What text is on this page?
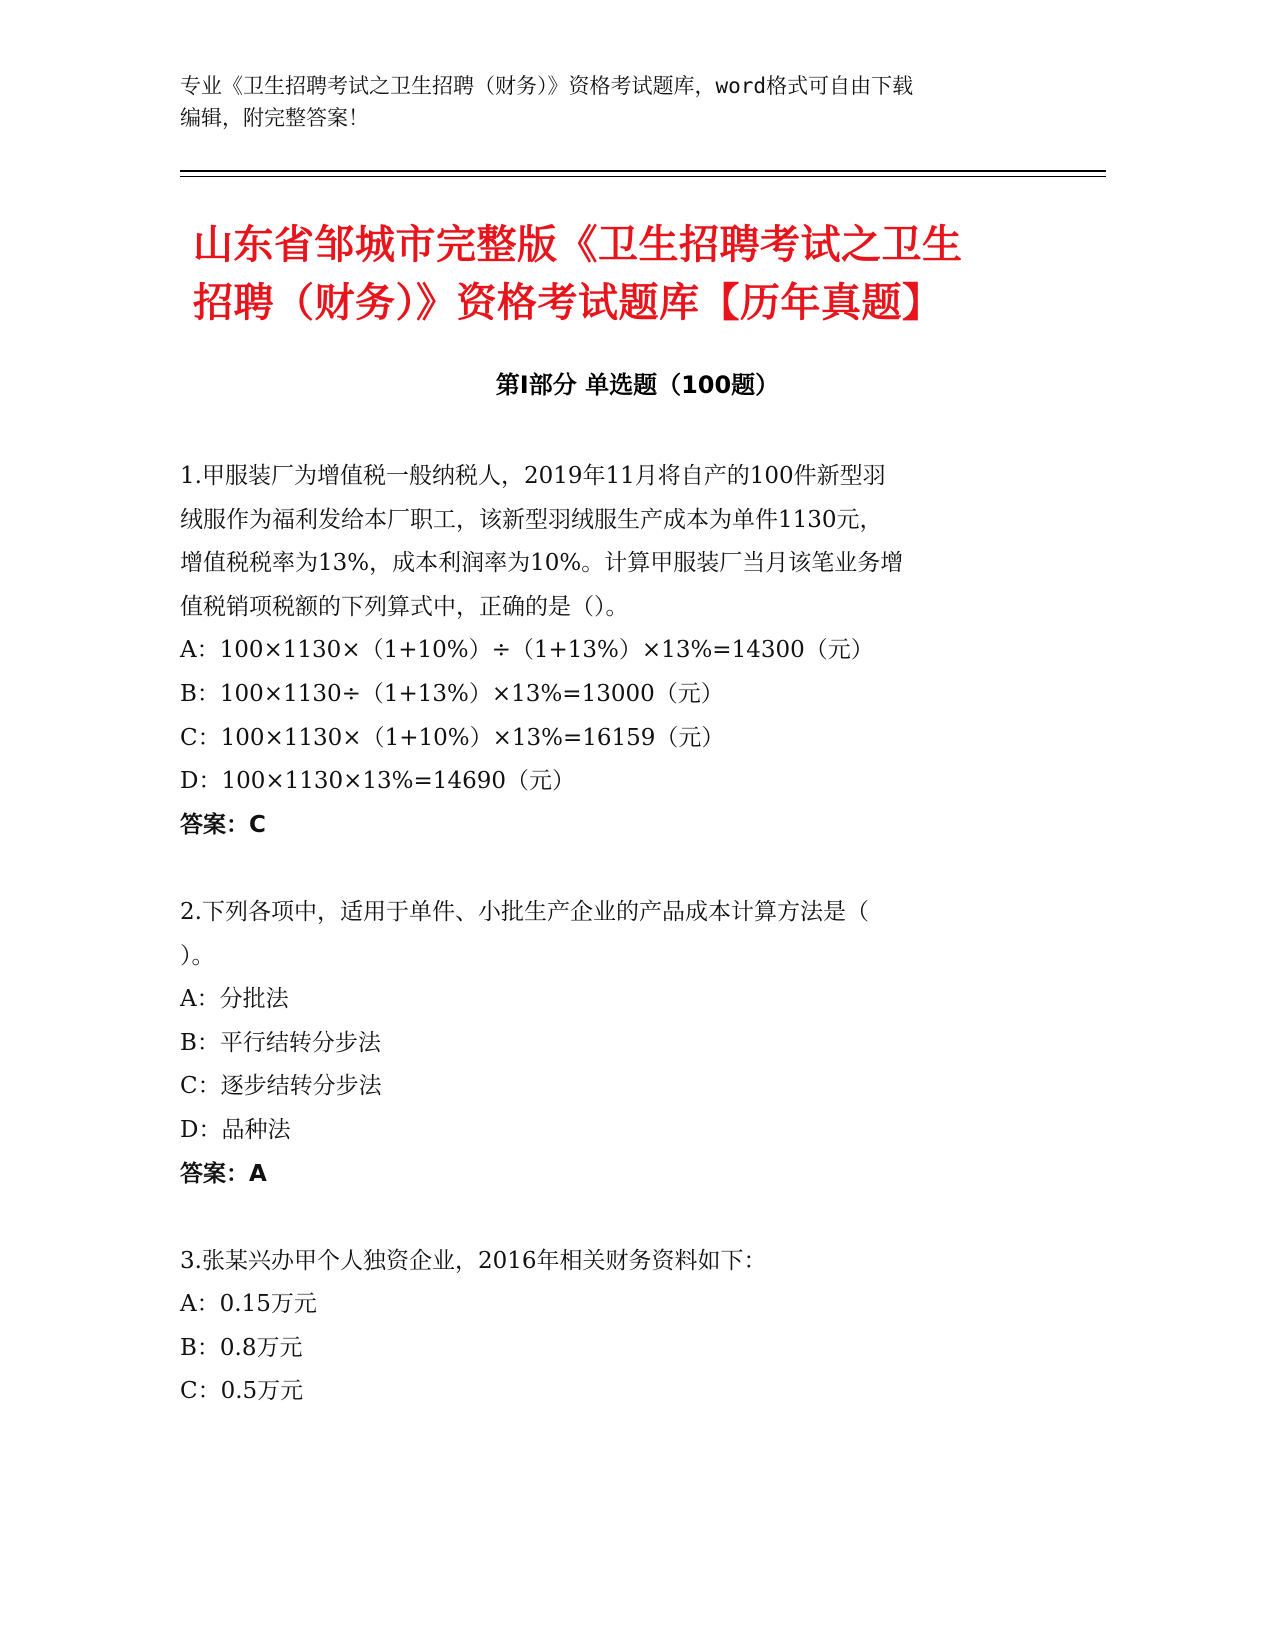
专业《卫生招聘考试之卫生招聘（财务）》资格考试题库，word格式可自由下载
编辑，附完整答案！
山东省邹城市完整版《卫生招聘考试之卫生
招聘（财务）》资格考试题库【历年真题】
第Ⅰ部分 单选题（100题）
1.甲服装厂为增值税一般纳税人，2019年11月将自产的100件新型羽
绒服作为福利发给本厂职工，该新型羽绒服生产成本为单件1130元，
增值税税率为13%，成本利润率为10%。计算甲服装厂当月该笔业务增
值税销项税额的下列算式中，正确的是（）。
A：100×1130×（1+10%）÷（1+13%）×13%=14300（元）
B：100×1130÷（1+13%）×13%=13000（元）
C：100×1130×（1+10%）×13%=16159（元）
D：100×1130×13%=14690（元）
答案：C
2.下列各项中，适用于单件、小批生产企业的产品成本计算方法是（
）。
A：分批法
B：平行结转分步法
C：逐步结转分步法
D：品种法
答案：A
3.张某兴办甲个人独资企业，2016年相关财务资料如下：
A：0.15万元
B：0.8万元
C：0.5万元
